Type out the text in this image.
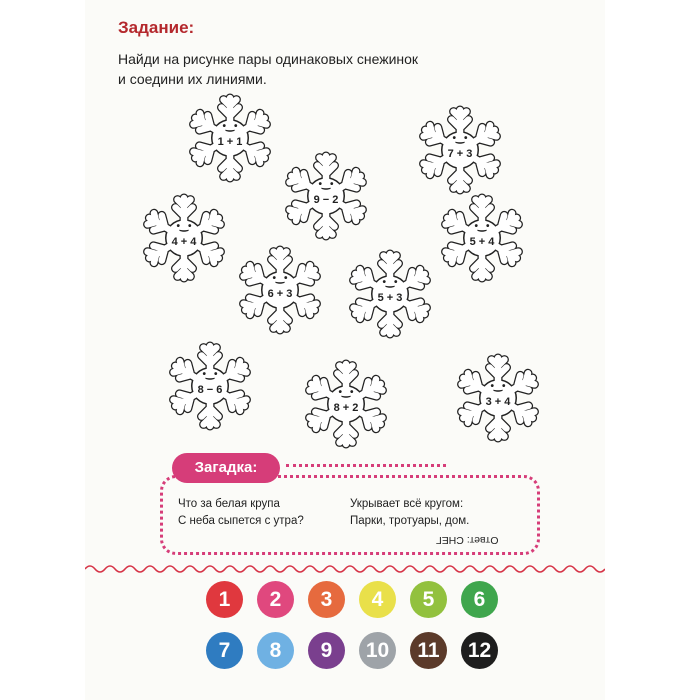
Задание:
Найди на рисунке пары одинаковых снежинок
и соедини их линиями.
•‿•
1 + 1
•‿•
9 − 2
•‿•
7 + 3
•‿•
4 + 4
•‿•
5 + 4
•‿•
6 + 3
•‿•
5 + 3
•‿•
8 − 6	•‿•
8 + 2
•‿•
3 + 4
Загадка:
Что за белая крупа
С неба сыпется с утра?
Укрывает всё кругом:
Парки, тротуары, дом.
Ответ: СНЕГ
1	2	3	4	5	6
7	8	9	10	11	12
